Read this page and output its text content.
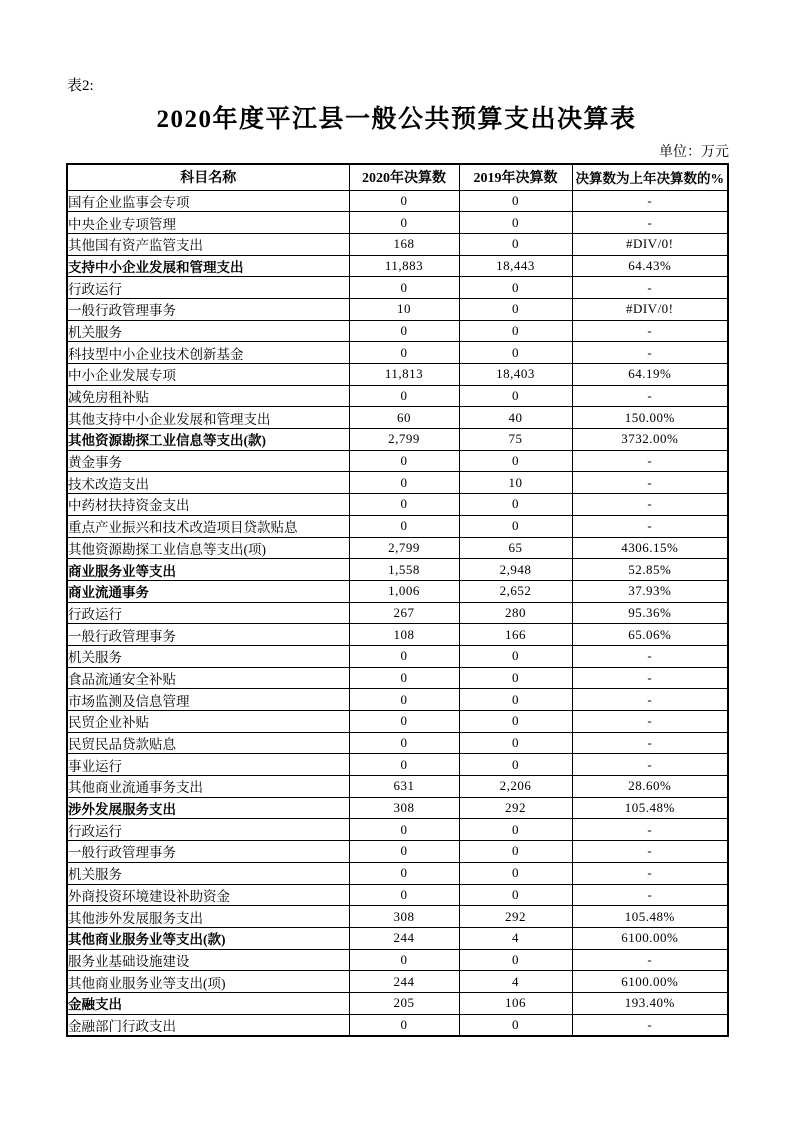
表2:
2020年度平江县一般公共预算支出决算表
单位：万元
科目名称	2020年决算数	2019年决算数	决算数为上年决算数的%
国有企业监事会专项	0	0	-
中央企业专项管理	0	0	-
其他国有资产监管支出	168	0	#DIV/0!
支持中小企业发展和管理支出	11,883	18,443	64.43%
行政运行	0	0	-
一般行政管理事务	10	0	#DIV/0!
机关服务	0	0	-
科技型中小企业技术创新基金	0	0	-
中小企业发展专项	11,813	18,403	64.19%
减免房租补贴	0	0	-
其他支持中小企业发展和管理支出	60	40	150.00%
其他资源勘探工业信息等支出(款)	2,799	75	3732.00%
黄金事务	0	0	-
技术改造支出	0	10	-
中药材扶持资金支出	0	0	-
重点产业振兴和技术改造项目贷款贴息	0	0	-
其他资源勘探工业信息等支出(项)	2,799	65	4306.15%
商业服务业等支出	1,558	2,948	52.85%
商业流通事务	1,006	2,652	37.93%
行政运行	267	280	95.36%
一般行政管理事务	108	166	65.06%
机关服务	0	0	-
食品流通安全补贴	0	0	-
市场监测及信息管理	0	0	-
民贸企业补贴	0	0	-
民贸民品贷款贴息	0	0	-
事业运行	0	0	-
其他商业流通事务支出	631	2,206	28.60%
涉外发展服务支出	308	292	105.48%
行政运行	0	0	-
一般行政管理事务	0	0	-
机关服务	0	0	-
外商投资环境建设补助资金	0	0	-
其他涉外发展服务支出	308	292	105.48%
其他商业服务业等支出(款)	244	4	6100.00%
服务业基础设施建设	0	0	-
其他商业服务业等支出(项)	244	4	6100.00%
金融支出	205	106	193.40%
金融部门行政支出	0	0	-
